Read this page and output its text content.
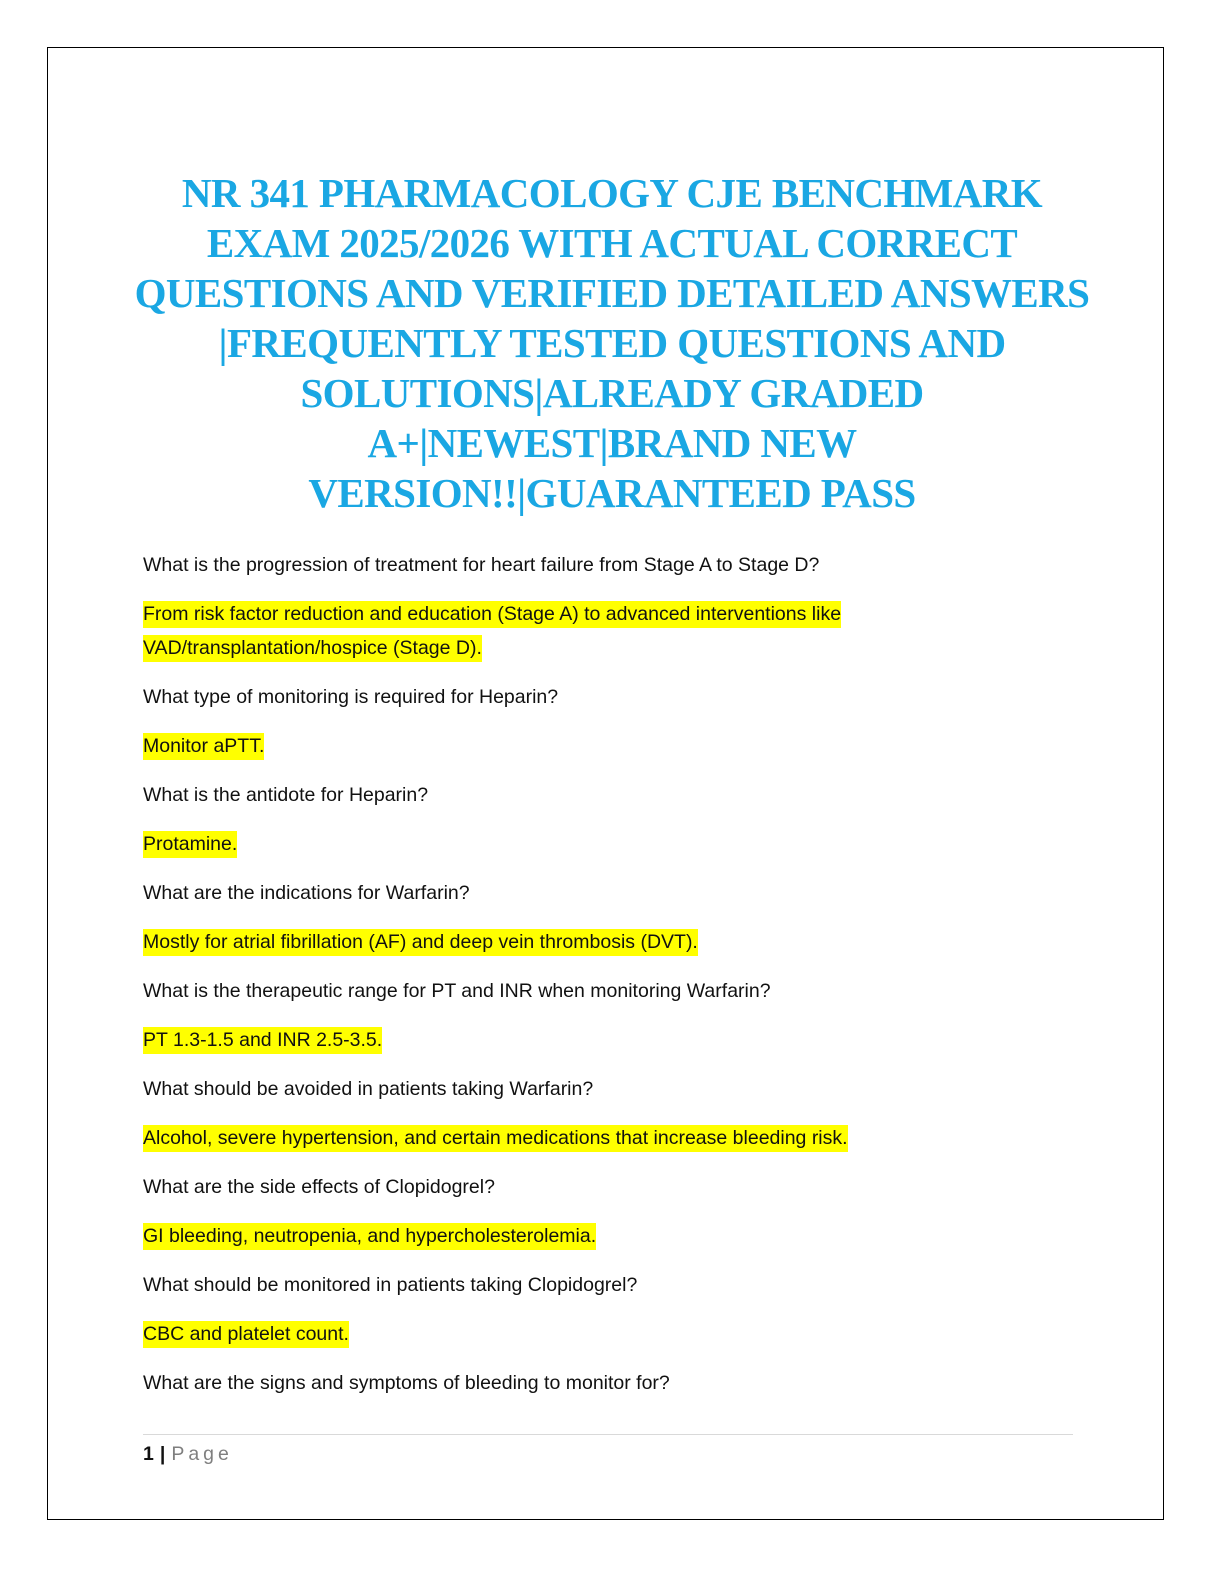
NR 341 PHARMACOLOGY CJE BENCHMARK EXAM 2025/2026 WITH ACTUAL CORRECT QUESTIONS AND VERIFIED DETAILED ANSWERS |FREQUENTLY TESTED QUESTIONS AND SOLUTIONS|ALREADY GRADED A+|NEWEST|BRAND NEW VERSION!!|GUARANTEED PASS

What is the progression of treatment for heart failure from Stage A to Stage D?

From risk factor reduction and education (Stage A) to advanced interventions like VAD/transplantation/hospice (Stage D).

What type of monitoring is required for Heparin?

Monitor aPTT.

What is the antidote for Heparin?

Protamine.

What are the indications for Warfarin?

Mostly for atrial fibrillation (AF) and deep vein thrombosis (DVT).

What is the therapeutic range for PT and INR when monitoring Warfarin?

PT 1.3-1.5 and INR 2.5-3.5.

What should be avoided in patients taking Warfarin?

Alcohol, severe hypertension, and certain medications that increase bleeding risk.

What are the side effects of Clopidogrel?

GI bleeding, neutropenia, and hypercholesterolemia.

What should be monitored in patients taking Clopidogrel?

CBC and platelet count.

What are the signs and symptoms of bleeding to monitor for?

1 | Page
